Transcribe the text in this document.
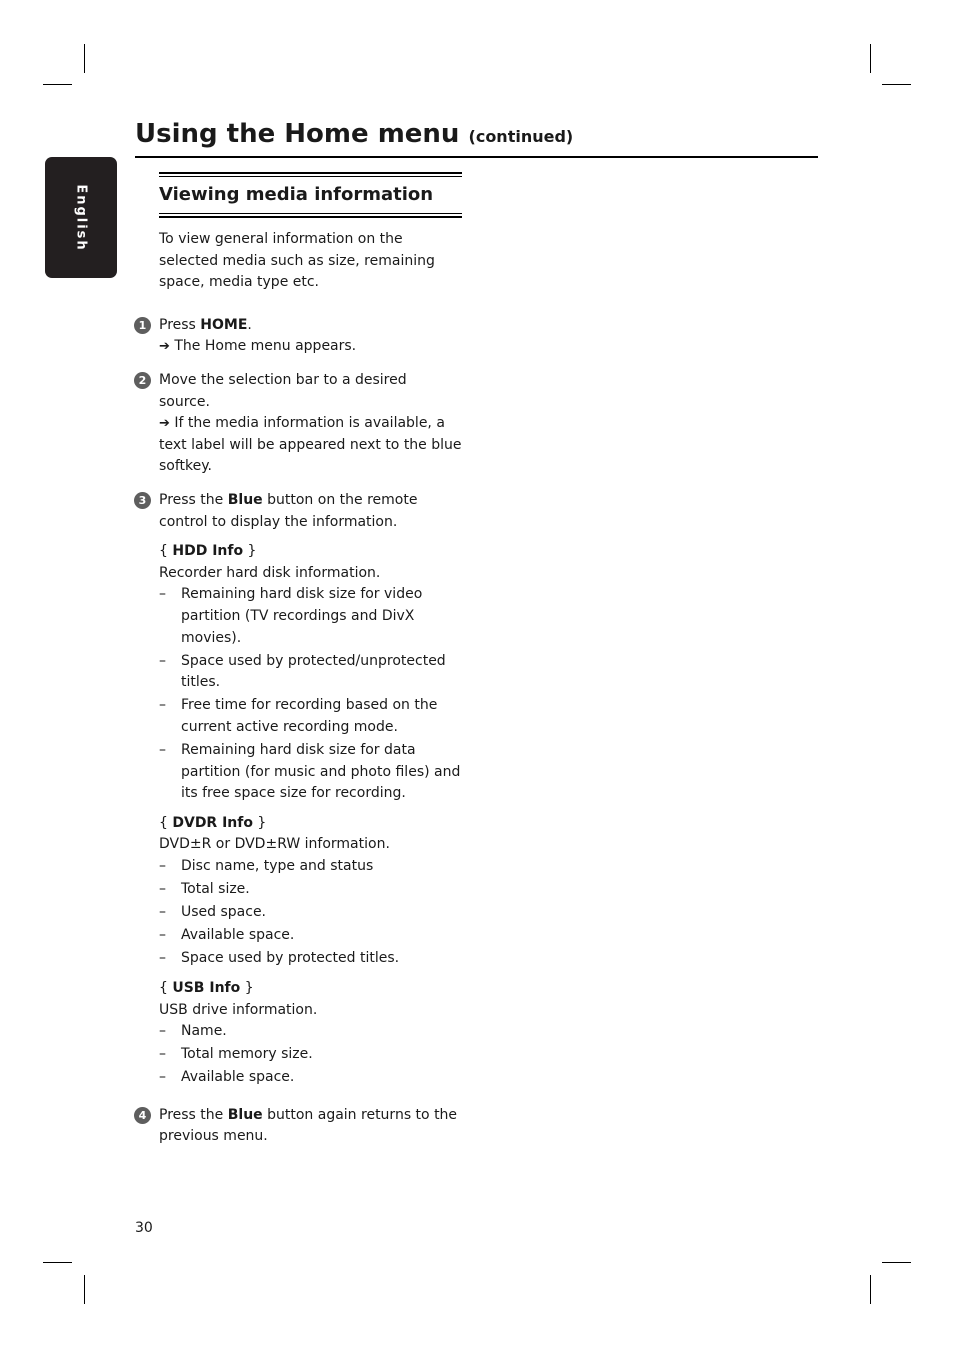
English
Using the Home menu (continued)
Viewing media information

To view general information on the selected media such as size, remaining space, media type etc.

1 Press HOME.

➔ The Home menu appears.

2 Move the selection bar to a desired source.

➔ If the media information is available, a text label will be appeared next to the blue softkey.

3 Press the Blue button on the remote control to display the information.

{ HDD Info }

Recorder hard disk information.

– Remaining hard disk size for video partition (TV recordings and DivX movies).
– Space used by protected/unprotected titles.
– Free time for recording based on the current active recording mode.
– Remaining hard disk size for data partition (for music and photo files) and its free space size for recording.

{ DVDR Info }

DVD±R or DVD±RW information.

– Disc name, type and status
– Total size.
– Used space.
– Available space.
– Space used by protected titles.

{ USB Info }

USB drive information.

– Name.
– Total memory size.
– Available space.
4 Press the Blue button again returns to the previous menu.

30
